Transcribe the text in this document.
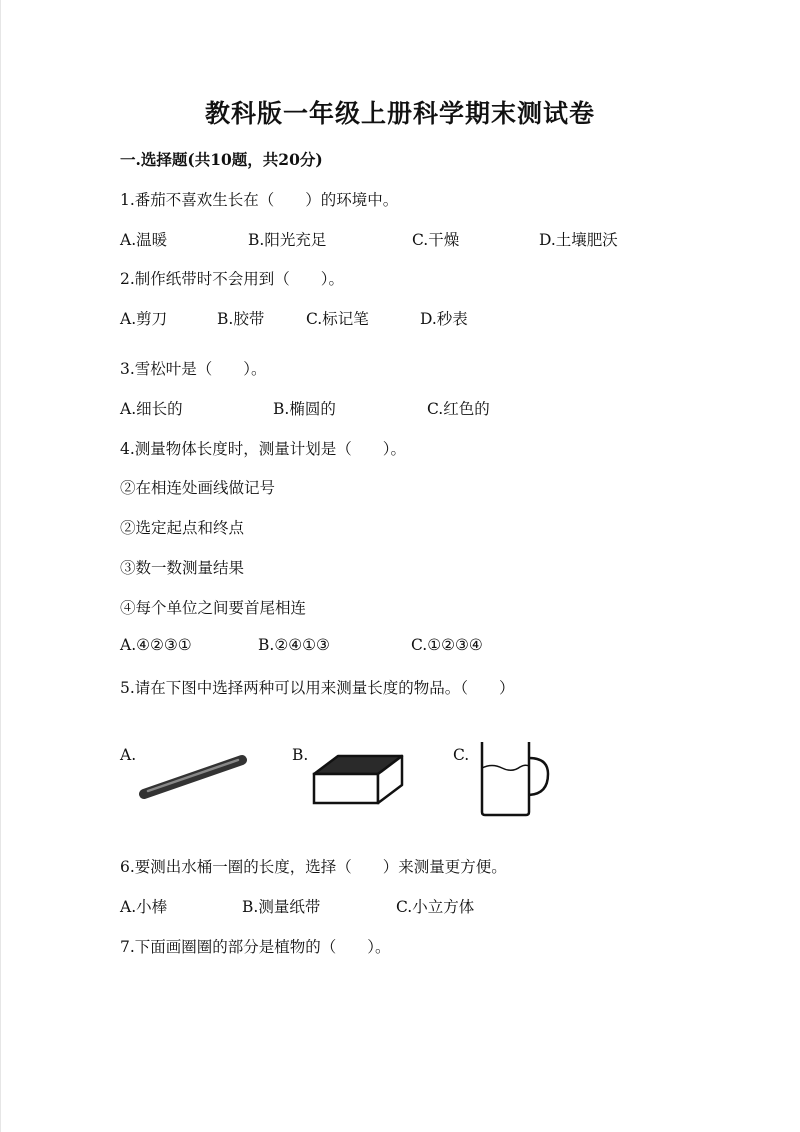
教科版一年级上册科学期末测试卷
一.选择题(共10题，共20分)
1.番茄不喜欢生长在（　　）的环境中。
A.温暖	B.阳光充足	C.干燥	D.土壤肥沃
2.制作纸带时不会用到（　　）。
A.剪刀	B.胶带	C.标记笔	D.秒表
3.雪松叶是（　　）。
A.细长的	B.椭圆的	C.红色的
4.测量物体长度时，测量计划是（　　）。
②在相连处画线做记号
②选定起点和终点
③数一数测量结果
④每个单位之间要首尾相连
A.④②③①	B.②④①③	C.①②③④
5.请在下图中选择两种可以用来测量长度的物品。（　　）
A.	B.	C.
6.要测出水桶一圈的长度，选择（　　）来测量更方便。
A.小棒	B.测量纸带	C.小立方体
7.下面画圈圈的部分是植物的（　　）。
